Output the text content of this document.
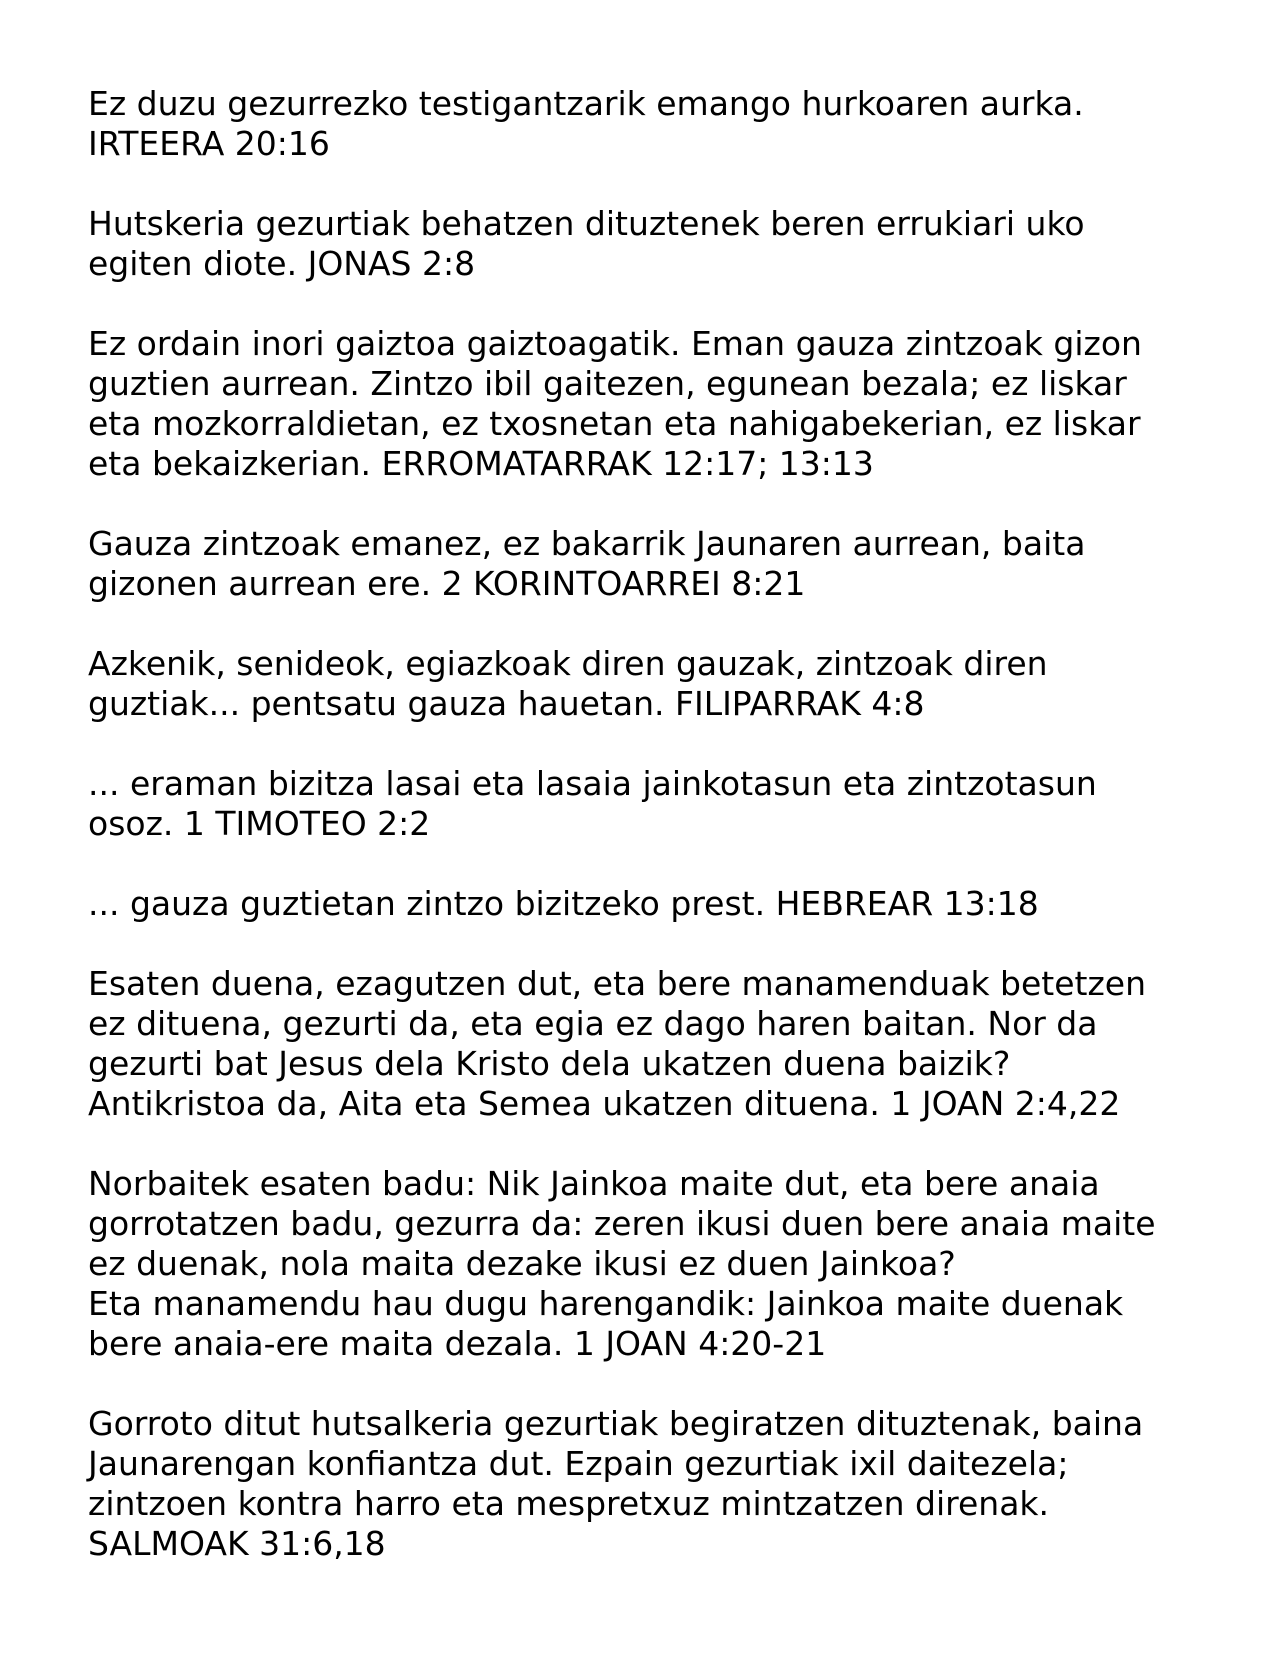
Ez duzu gezurrezko testigantzarik emango hurkoaren aurka.
IRTEERA 20:16
Hutskeria gezurtiak behatzen dituztenek beren errukiari uko
egiten diote. JONAS 2:8
Ez ordain inori gaiztoa gaiztoagatik. Eman gauza zintzoak gizon
guztien aurrean. Zintzo ibil gaitezen, egunean bezala; ez liskar
eta mozkorraldietan, ez txosnetan eta nahigabekerian, ez liskar
eta bekaizkerian. ERROMATARRAK 12:17; 13:13
Gauza zintzoak emanez, ez bakarrik Jaunaren aurrean, baita
gizonen aurrean ere. 2 KORINTOARREI 8:21
Azkenik, senideok, egiazkoak diren gauzak, zintzoak diren
guztiak... pentsatu gauza hauetan. FILIPARRAK 4:8
... eraman bizitza lasai eta lasaia jainkotasun eta zintzotasun
osoz. 1 TIMOTEO 2:2
... gauza guztietan zintzo bizitzeko prest. HEBREAR 13:18
Esaten duena, ezagutzen dut, eta bere manamenduak betetzen
ez dituena, gezurti da, eta egia ez dago haren baitan. Nor da
gezurti bat Jesus dela Kristo dela ukatzen duena baizik?
Antikristoa da, Aita eta Semea ukatzen dituena. 1 JOAN 2:4,22
Norbaitek esaten badu: Nik Jainkoa maite dut, eta bere anaia
gorrotatzen badu, gezurra da: zeren ikusi duen bere anaia maite
ez duenak, nola maita dezake ikusi ez duen Jainkoa?
Eta manamendu hau dugu harengandik: Jainkoa maite duenak
bere anaia-ere maita dezala. 1 JOAN 4:20-21
Gorroto ditut hutsalkeria gezurtiak begiratzen dituztenak, baina
Jaunarengan konfiantza dut. Ezpain gezurtiak ixil daitezela;
zintzoen kontra harro eta mespretxuz mintzatzen direnak.
SALMOAK 31:6,18
